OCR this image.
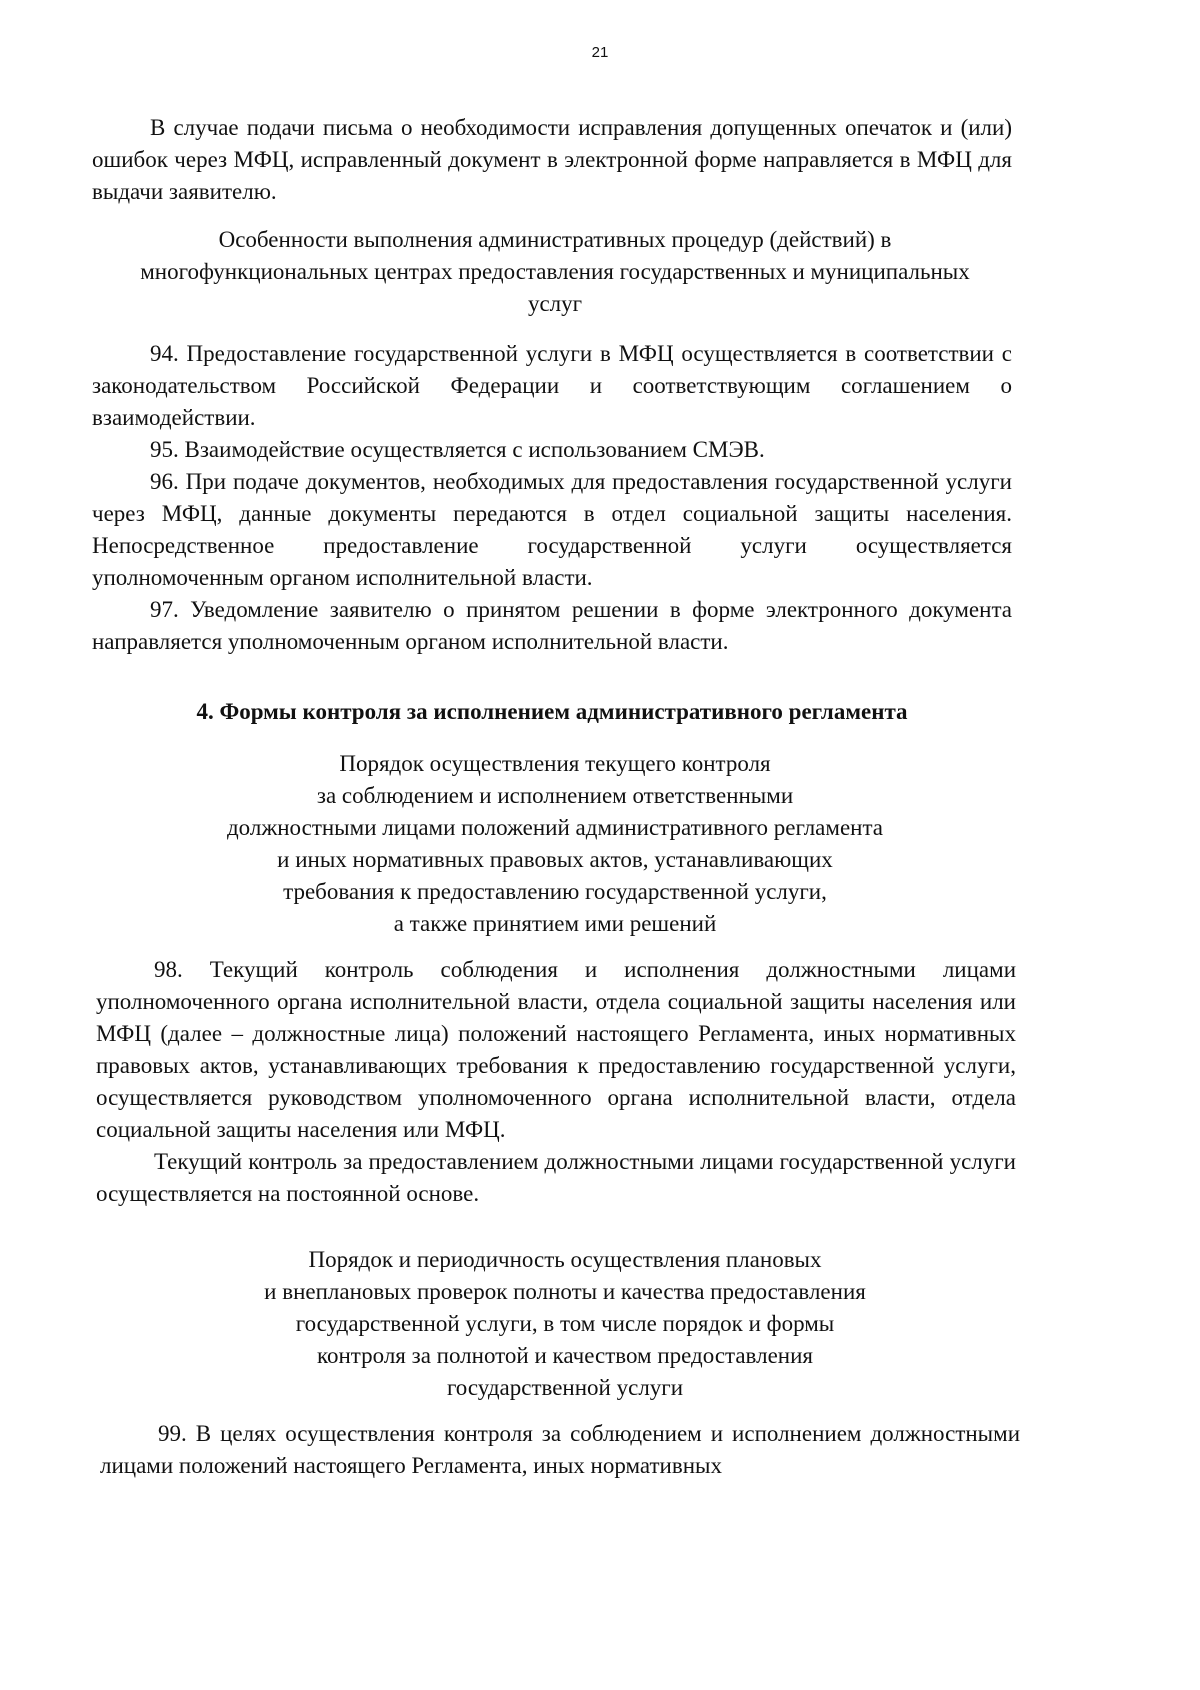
21

В случае подачи письма о необходимости исправления допущенных опечаток и (или) ошибок через МФЦ, исправленный документ в электронной форме направляется в МФЦ для выдачи заявителю.

Особенности выполнения административных процедур (действий) в многофункциональных центрах предоставления государственных и муниципальных услуг

94. Предоставление государственной услуги в МФЦ осуществляется в соответствии с законодательством Российской Федерации и соответствующим соглашением о взаимодействии.

95. Взаимодействие осуществляется с использованием СМЭВ.

96. При подаче документов, необходимых для предоставления государственной услуги через МФЦ, данные документы передаются в отдел социальной защиты населения. Непосредственное предоставление государственной услуги осуществляется уполномоченным органом исполнительной власти.

97. Уведомление заявителю о принятом решении в форме электронного документа направляется уполномоченным органом исполнительной власти.

4. Формы контроля за исполнением административного регламента

Порядок осуществления текущего контроля

за соблюдением и исполнением ответственными

должностными лицами положений административного регламента

и иных нормативных правовых актов, устанавливающих

требования к предоставлению государственной услуги,

а также принятием ими решений

98. Текущий контроль соблюдения и исполнения должностными лицами уполномоченного органа исполнительной власти, отдела социальной защиты населения или МФЦ (далее – должностные лица) положений настоящего Регламента, иных нормативных правовых актов, устанавливающих требования к предоставлению государственной услуги, осуществляется руководством уполномоченного органа исполнительной власти, отдела социальной защиты населения или МФЦ.

Текущий контроль за предоставлением должностными лицами государственной услуги осуществляется на постоянной основе.

Порядок и периодичность осуществления плановых

и внеплановых проверок полноты и качества предоставления

государственной услуги, в том числе порядок и формы

контроля за полнотой и качеством предоставления

государственной услуги

99. В целях осуществления контроля за соблюдением и исполнением должностными лицами положений настоящего Регламента, иных нормативных
